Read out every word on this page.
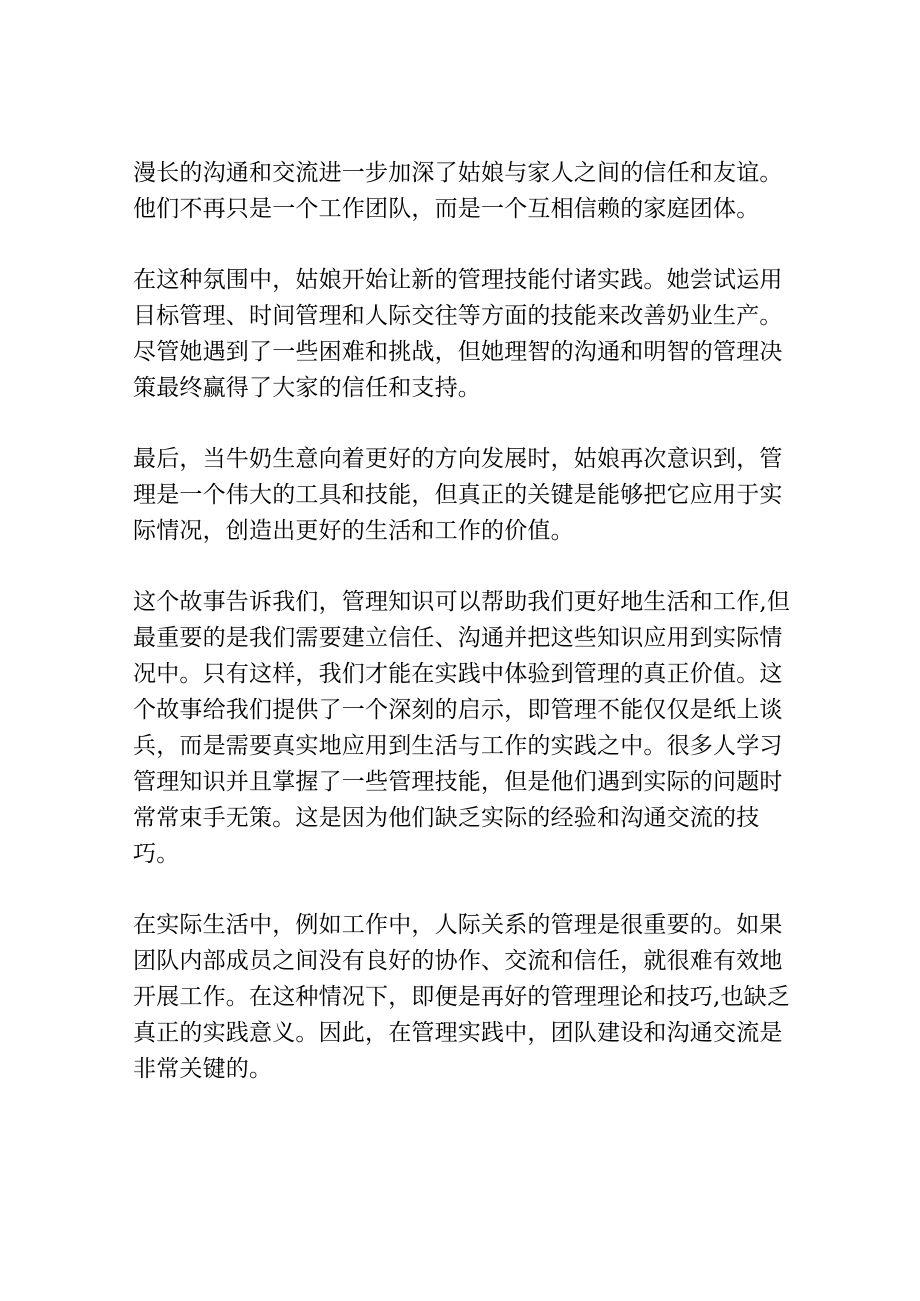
漫长的沟通和交流进一步加深了姑娘与家人之间的信任和友谊。
他们不再只是一个工作团队，而是一个互相信赖的家庭团体。

在这种氛围中，姑娘开始让新的管理技能付诸实践。她尝试运用
目标管理、时间管理和人际交往等方面的技能来改善奶业生产。
尽管她遇到了一些困难和挑战，但她理智的沟通和明智的管理决
策最终赢得了大家的信任和支持。

最后，当牛奶生意向着更好的方向发展时，姑娘再次意识到，管
理是一个伟大的工具和技能，但真正的关键是能够把它应用于实
际情况，创造出更好的生活和工作的价值。

这个故事告诉我们，管理知识可以帮助我们更好地生活和工作,但
最重要的是我们需要建立信任、沟通并把这些知识应用到实际情
况中。只有这样，我们才能在实践中体验到管理的真正价值。这
个故事给我们提供了一个深刻的启示，即管理不能仅仅是纸上谈
兵，而是需要真实地应用到生活与工作的实践之中。很多人学习
管理知识并且掌握了一些管理技能，但是他们遇到实际的问题时
常常束手无策。这是因为他们缺乏实际的经验和沟通交流的技
巧。

在实际生活中，例如工作中，人际关系的管理是很重要的。如果
团队内部成员之间没有良好的协作、交流和信任，就很难有效地
开展工作。在这种情况下，即便是再好的管理理论和技巧,也缺乏
真正的实践意义。因此，在管理实践中，团队建设和沟通交流是
非常关键的。
